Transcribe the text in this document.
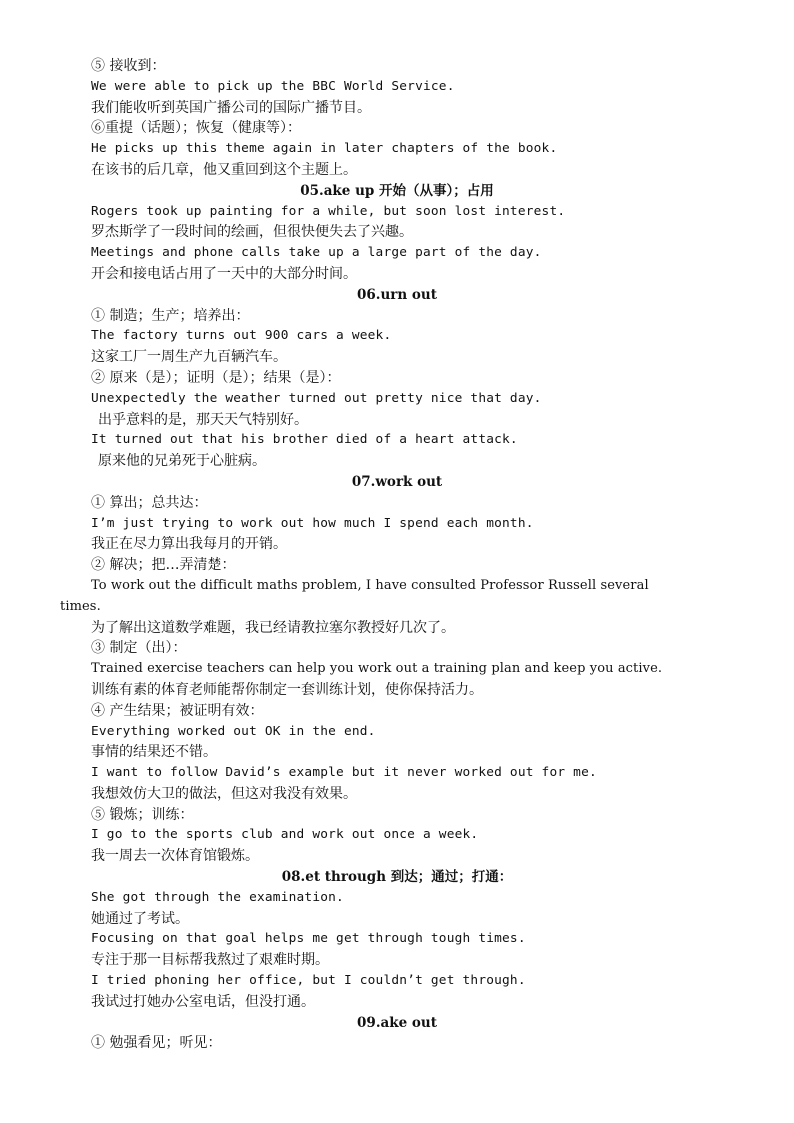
⑤ 接收到：
We were able to pick up the BBC World Service.
我们能收听到英国广播公司的国际广播节目。
⑥重提（话题）；恢复（健康等）：
He picks up this theme again in later chapters of the book.
在该书的后几章，他又重回到这个主题上。
05.ake up 开始（从事）；占用
Rogers took up painting for a while, but soon lost interest.
罗杰斯学了一段时间的绘画，但很快便失去了兴趣。
Meetings and phone calls take up a large part of the day.
开会和接电话占用了一天中的大部分时间。
06.urn out
① 制造；生产；培养出：
The factory turns out 900 cars a week.
这家工厂一周生产九百辆汽车。
② 原来（是）；证明（是）；结果（是）：
Unexpectedly the weather turned out pretty nice that day.
出乎意料的是，那天天气特别好。
It turned out that his brother died of a heart attack.
原来他的兄弟死于心脏病。
07.work out
① 算出；总共达：
I’m just trying to work out how much I spend each month.
我正在尽力算出我每月的开销。
② 解决；把…弄清楚：
To work out the difficult maths problem, I have consulted Professor Russell several
times.
为了解出这道数学难题，我已经请教拉塞尔教授好几次了。
③ 制定（出）：
Trained exercise teachers can help you work out a training plan and keep you active.
训练有素的体育老师能帮你制定一套训练计划，使你保持活力。
④ 产生结果；被证明有效：
Everything worked out OK in the end.
事情的结果还不错。
I want to follow David’s example but it never worked out for me.
我想效仿大卫的做法，但这对我没有效果。
⑤ 锻炼；训练：
I go to the sports club and work out once a week.
我一周去一次体育馆锻炼。
08.et through 到达；通过；打通：
She got through the examination.
她通过了考试。
Focusing on that goal helps me get through tough times.
专注于那一目标帮我熬过了艰难时期。
I tried phoning her office, but I couldn’t get through.
我试过打她办公室电话，但没打通。
09.ake out
① 勉强看见；听见：
